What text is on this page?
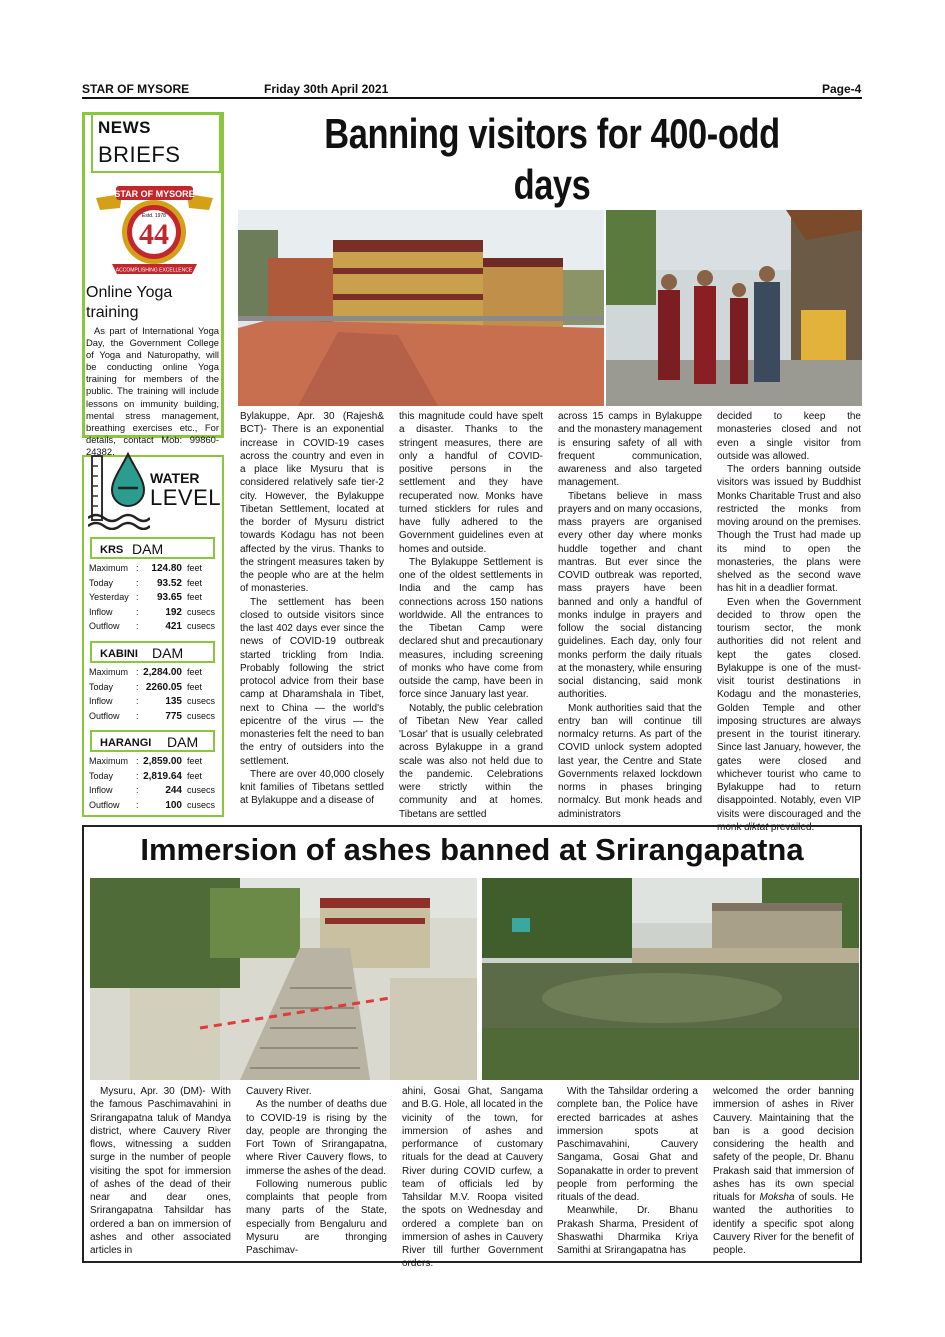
STAR OF MYSORE	Friday 30th April 2021	Page-4
NEWS
BRIEFS
STAR OF MYSORE
Estd. 1978
44
ACCOMPLISHING EXCELLENCE
Online Yoga training
As part of International Yoga Day, the Government College of Yoga and Naturopathy, will be conducting online Yoga training for members of the public. The training will include lessons on immunity building, mental stress management, breathing exercises etc., For details, contact Mob: 99860-24382.
WATER
LEVEL
KRS DAM
Maximum : 124.80 feet
Today	: 93.52 feet
Yesterday : 93.65 feet
Inflow	:	192 cusecs
Outflow :	421 cusecs
KABINI DAM
Maximum : 2,284.00 feet
Today	: 2260.05 feet
Inflow	:	135 cusecs
Outflow :	775 cusecs
HARANGI DAM
Maximum : 2,859.00 feet
Today	: 2,819.64 feet
Inflow	:	244 cusecs
Outflow :	100 cusecs
Banning visitors for 400-odd days

Bylakuppe, Apr. 30 (Rajesh& BCT)- There is an exponential increase in COVID-19 cases across the country and even in a place like Mysuru that is considered relatively safe tier-2 city. However, the Bylakuppe Tibetan Settlement, located at the border of Mysuru district towards Kodagu has not been affected by the virus. Thanks to the stringent measures taken by the people who are at the helm of monasteries.

The settlement has been closed to outside visitors since the last 402 days ever since the news of COVID-19 outbreak started trickling from India. Probably following the strict protocol advice from their base camp at Dharamshala in Tibet, next to China — the world's epicentre of the virus — the monasteries felt the need to ban the entry of outsiders into the settlement.

There are over 40,000 closely knit families of Tibetans settled at Bylakuppe and a disease of

this magnitude could have spelt a disaster. Thanks to the stringent measures, there are only a handful of COVID-positive persons in the settlement and they have recuperated now. Monks have turned sticklers for rules and have fully adhered to the Government guidelines even at homes and outside.

The Bylakuppe Settlement is one of the oldest settlements in India and the camp has connections across 150 nations worldwide. All the entrances to the Tibetan Camp were declared shut and precautionary measures, including screening of monks who have come from outside the camp, have been in force since January last year.

Notably, the public celebration of Tibetan New Year called 'Losar' that is usually celebrated across Bylakuppe in a grand scale was also not held due to the pandemic. Celebrations were strictly within the community and at homes. Tibetans are settled

across 15 camps in Bylakuppe and the monastery management is ensuring safety of all with frequent communication, awareness and also targeted management.

Tibetans believe in mass prayers and on many occasions, mass prayers are organised every other day where monks huddle together and chant mantras. But ever since the COVID outbreak was reported, mass prayers have been banned and only a handful of monks indulge in prayers and follow the social distancing guidelines. Each day, only four monks perform the daily rituals at the monastery, while ensuring social distancing, said monk authorities.

Monk authorities said that the entry ban will continue till normalcy returns. As part of the COVID unlock system adopted last year, the Centre and State Governments relaxed lockdown norms in phases bringing normalcy. But monk heads and administrators

decided to keep the monasteries closed and not even a single visitor from outside was allowed.

The orders banning outside visitors was issued by Buddhist Monks Charitable Trust and also restricted the monks from moving around on the premises. Though the Trust had made up its mind to open the monasteries, the plans were shelved as the second wave has hit in a deadlier format.

Even when the Government decided to throw open the tourism sector, the monk authorities did not relent and kept the gates closed. Bylakuppe is one of the must-visit tourist destinations in Kodagu and the monasteries, Golden Temple and other imposing structures are always present in the tourist itinerary. Since last January, however, the gates were closed and whichever tourist who came to Bylakuppe had to return disappointed. Notably, even VIP visits were discouraged and the monk diktat prevailed.

Immersion of ashes banned at Srirangapatna

Mysuru, Apr. 30 (DM)- With the famous Paschimavahini in Srirangapatna taluk of Mandya district, where Cauvery River flows, witnessing a sudden surge in the number of people visiting the spot for immersion of ashes of the dead of their near and dear ones, Srirangapatna Tahsildar has ordered a ban on immersion of ashes and other associated articles in

Cauvery River.

As the number of deaths due to COVID-19 is rising by the day, people are thronging the Fort Town of Srirangapatna, where River Cauvery flows, to immerse the ashes of the dead.

Following numerous public complaints that people from many parts of the State, especially from Bengaluru and Mysuru are thronging Paschimav-

ahini, Gosai Ghat, Sangama and B.G. Hole, all located in the vicinity of the town, for immersion of ashes and performance of customary rituals for the dead at Cauvery River during COVID curfew, a team of officials led by Tahsildar M.V. Roopa visited the spots on Wednesday and ordered a complete ban on immersion of ashes in Cauvery River till further Government orders.

With the Tahsildar ordering a complete ban, the Police have erected barricades at ashes immersion spots at Paschimavahini, Cauvery Sangama, Gosai Ghat and Sopanakatte in order to prevent people from performing the rituals of the dead.

Meanwhile, Dr. Bhanu Prakash Sharma, President of Shaswathi Dharmika Kriya Samithi at Srirangapatna has

welcomed the order banning immersion of ashes in River Cauvery. Maintaining that the ban is a good decision considering the health and safety of the people, Dr. Bhanu Prakash said that immersion of ashes has its own special rituals for Moksha of souls. He wanted the authorities to identify a specific spot along Cauvery River for the benefit of people.
